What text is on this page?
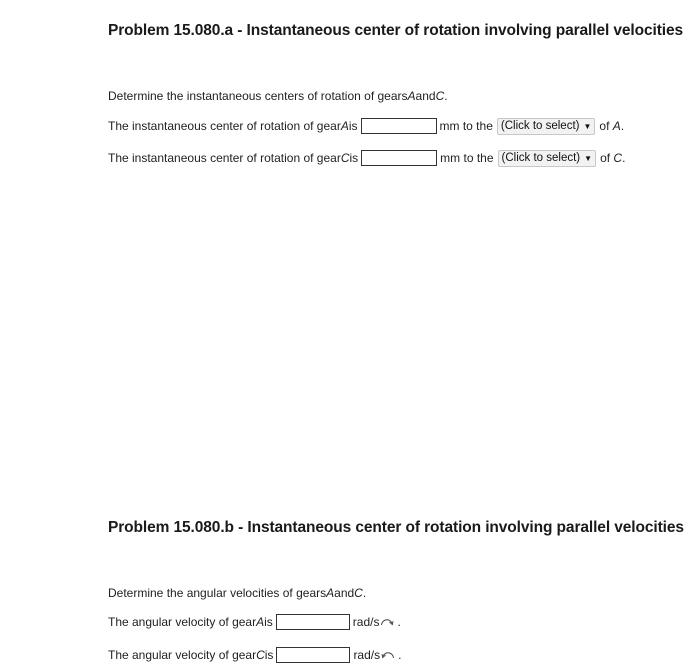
Problem 15.080.a - Instantaneous center of rotation involving parallel velocities
Determine the instantaneous centers of rotation of gears A and C .
The instantaneous center of rotation of gear A is	mm to the (Click to select) ▼ of
A .
The instantaneous center of rotation of gear C is	mm to the (Click to select) ▼ of
C .
Problem 15.080.b - Instantaneous center of rotation involving parallel velocities
Determine the angular velocities of gears A and C .
The angular velocity of gear A is	rad/s .
The angular velocity of gear C is	rad/s .
